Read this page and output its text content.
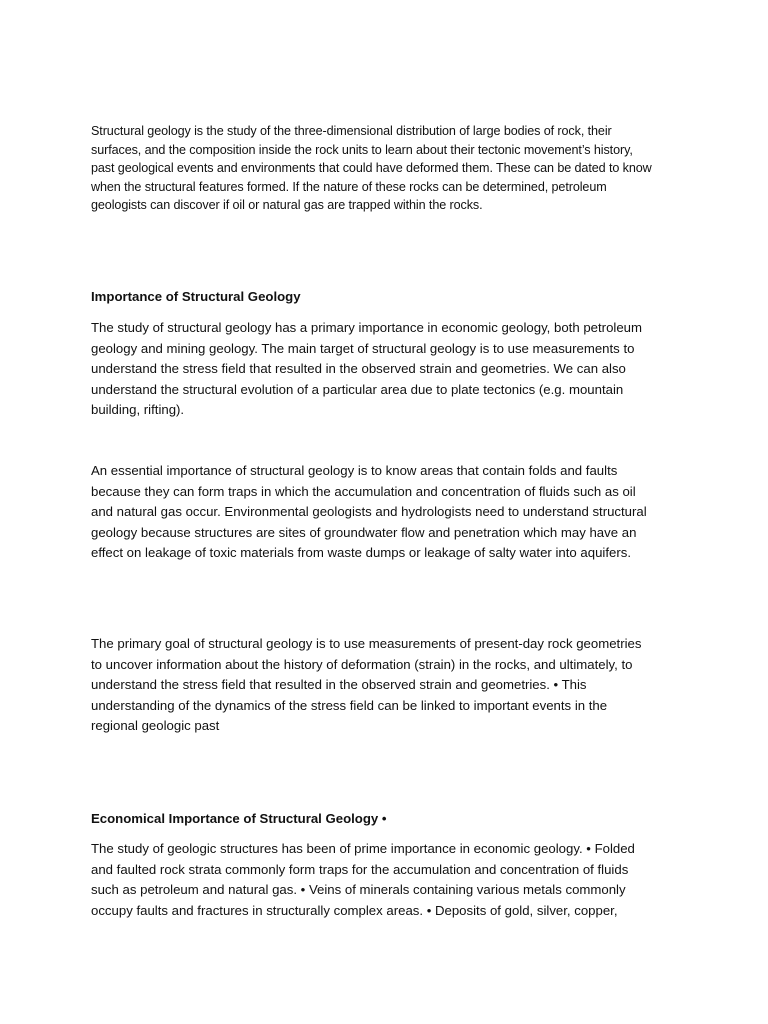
Structural geology is the study of the three-dimensional distribution of large bodies of rock, their
surfaces, and the composition inside the rock units to learn about their tectonic movement’s history,
past geological events and environments that could have deformed them. These can be dated to know
when the structural features formed. If the nature of these rocks can be determined, petroleum
geologists can discover if oil or natural gas are trapped within the rocks.

Importance of Structural Geology

The study of structural geology has a primary importance in economic geology, both petroleum
geology and mining geology. The main target of structural geology is to use measurements to
understand the stress field that resulted in the observed strain and geometries. We can also
understand the structural evolution of a particular area due to plate tectonics (e.g. mountain
building, rifting).

An essential importance of structural geology is to know areas that contain folds and faults
because they can form traps in which the accumulation and concentration of fluids such as oil
and natural gas occur. Environmental geologists and hydrologists need to understand structural
geology because structures are sites of groundwater flow and penetration which may have an
effect on leakage of toxic materials from waste dumps or leakage of salty water into aquifers.

The primary goal of structural geology is to use measurements of present-day rock geometries
to uncover information about the history of deformation (strain) in the rocks, and ultimately, to
understand the stress field that resulted in the observed strain and geometries. • This
understanding of the dynamics of the stress field can be linked to important events in the
regional geologic past

Economical Importance of Structural Geology •

The study of geologic structures has been of prime importance in economic geology. • Folded
and faulted rock strata commonly form traps for the accumulation and concentration of fluids
such as petroleum and natural gas. • Veins of minerals containing various metals commonly
occupy faults and fractures in structurally complex areas. • Deposits of gold, silver, copper,
